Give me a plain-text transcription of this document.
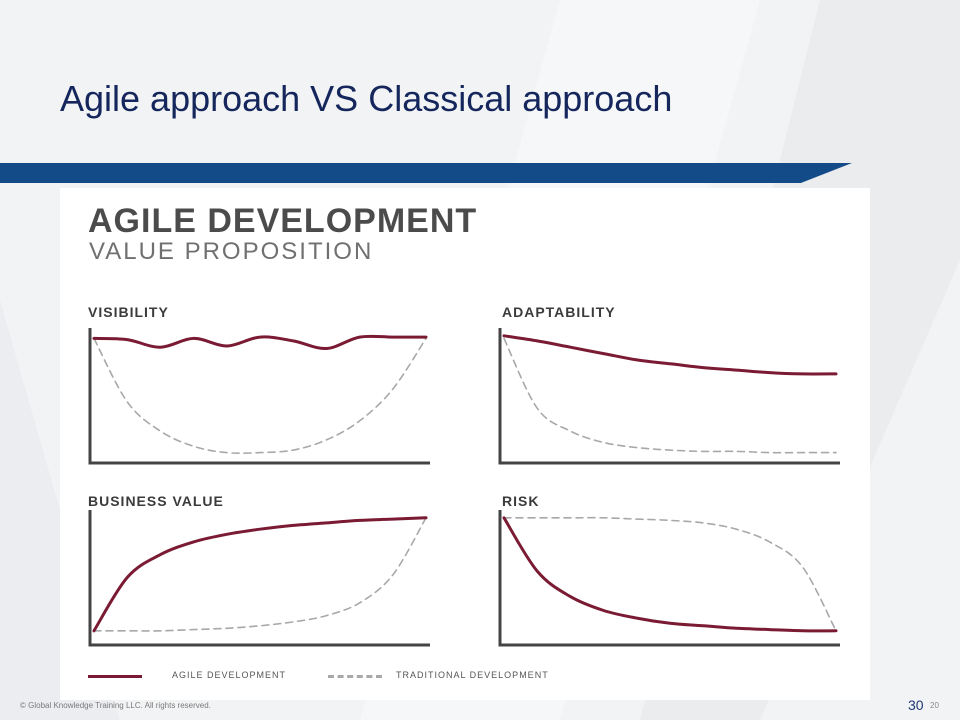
Agile approach VS Classical approach
AGILE DEVELOPMENT
VALUE PROPOSITION
VISIBILITY	ADAPTABILITY
BUSINESS VALUE	RISK
AGILE DEVELOPMENT	TRADITIONAL DEVELOPMENT
© Global Knowledge Training LLC. All rights reserved.	30 20
